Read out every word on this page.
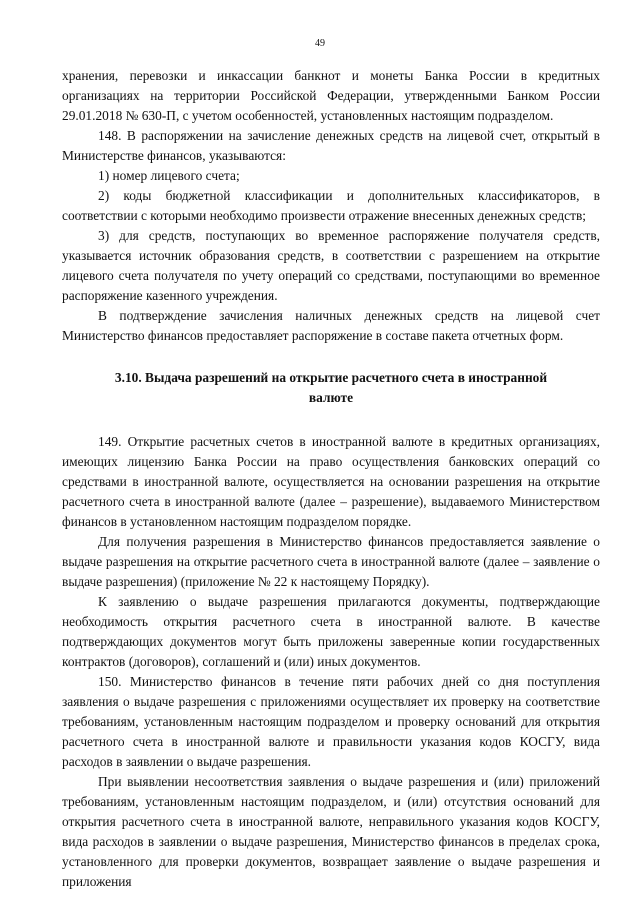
49

хранения, перевозки и инкассации банкнот и монеты Банка России в кредитных организациях на территории Российской Федерации, утвержденными Банком России 29.01.2018 № 630-П, с учетом особенностей, установленных настоящим подразделом.

148. В распоряжении на зачисление денежных средств на лицевой счет, открытый в Министерстве финансов, указываются:

1) номер лицевого счета;

2) коды бюджетной классификации и дополнительных классификаторов, в соответствии с которыми необходимо произвести отражение внесенных денежных средств;

3) для средств, поступающих во временное распоряжение получателя средств, указывается источник образования средств, в соответствии с разрешением на открытие лицевого счета получателя по учету операций со средствами, поступающими во временное распоряжение казенного учреждения.

В подтверждение зачисления наличных денежных средств на лицевой счет Министерство финансов предоставляет распоряжение в составе пакета отчетных форм.

3.10. Выдача разрешений на открытие расчетного счета в иностранной валюте

149. Открытие расчетных счетов в иностранной валюте в кредитных организациях, имеющих лицензию Банка России на право осуществления банковских операций со средствами в иностранной валюте, осуществляется на основании разрешения на открытие расчетного счета в иностранной валюте (далее – разрешение), выдаваемого Министерством финансов в установленном настоящим подразделом порядке.

Для получения разрешения в Министерство финансов предоставляется заявление о выдаче разрешения на открытие расчетного счета в иностранной валюте (далее – заявление о выдаче разрешения) (приложение № 22 к настоящему Порядку).

К заявлению о выдаче разрешения прилагаются документы, подтверждающие необходимость открытия расчетного счета в иностранной валюте. В качестве подтверждающих документов могут быть приложены заверенные копии государственных контрактов (договоров), соглашений и (или) иных документов.

150. Министерство финансов в течение пяти рабочих дней со дня поступления заявления о выдаче разрешения с приложениями осуществляет их проверку на соответствие требованиям, установленным настоящим подразделом и проверку оснований для открытия расчетного счета в иностранной валюте и правильности указания кодов КОСГУ, вида расходов в заявлении о выдаче разрешения.

При выявлении несоответствия заявления о выдаче разрешения и (или) приложений требованиям, установленным настоящим подразделом, и (или) отсутствия оснований для открытия расчетного счета в иностранной валюте, неправильного указания кодов КОСГУ, вида расходов в заявлении о выдаче разрешения, Министерство финансов в пределах срока, установленного для проверки документов, возвращает заявление о выдаче разрешения и приложения
